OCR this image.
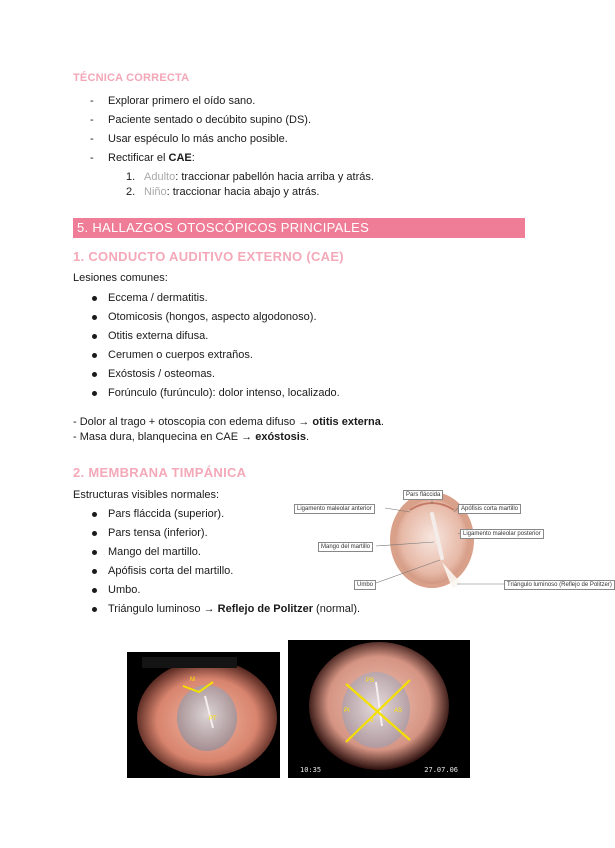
TÉCNICA CORRECTA
- Explorar primero el oído sano.
- Paciente sentado o decúbito supino (DS).
- Usar espéculo lo más ancho posible.
- Rectificar el CAE:
1. Adulto: traccionar pabellón hacia arriba y atrás.
2. Niño: traccionar hacia abajo y atrás.
5. HALLAZGOS OTOSCÓPICOS PRINCIPALES
1. CONDUCTO AUDITIVO EXTERNO (CAE)
Lesiones comunes:
Eccema / dermatitis.
Otomicosis (hongos, aspecto algodonoso).
Otitis externa difusa.
Cerumen o cuerpos extraños.
Exóstosis / osteomas.
Forúnculo (furúnculo): dolor intenso, localizado.
- Dolor al trago + otoscopia con edema difuso → otitis externa.
- Masa dura, blanquecina en CAE → exóstosis.
2. MEMBRANA TIMPÁNICA
Estructuras visibles normales:
Pars fláccida (superior).
Pars tensa (inferior).
Mango del martillo.
Apófisis corta del martillo.
Umbo.
Triángulo luminoso → Reflejo de Politzer (normal).
Pars fláccida
Ligamento maleolar anterior	Apófisis corta martillo
Ligamento maleolar posterior
Mango del martillo
Umbo	Triángulo luminoso (Reflejo de Politzer)
M
PT
PS
PI	AS
AI
10:35	27.07.06
